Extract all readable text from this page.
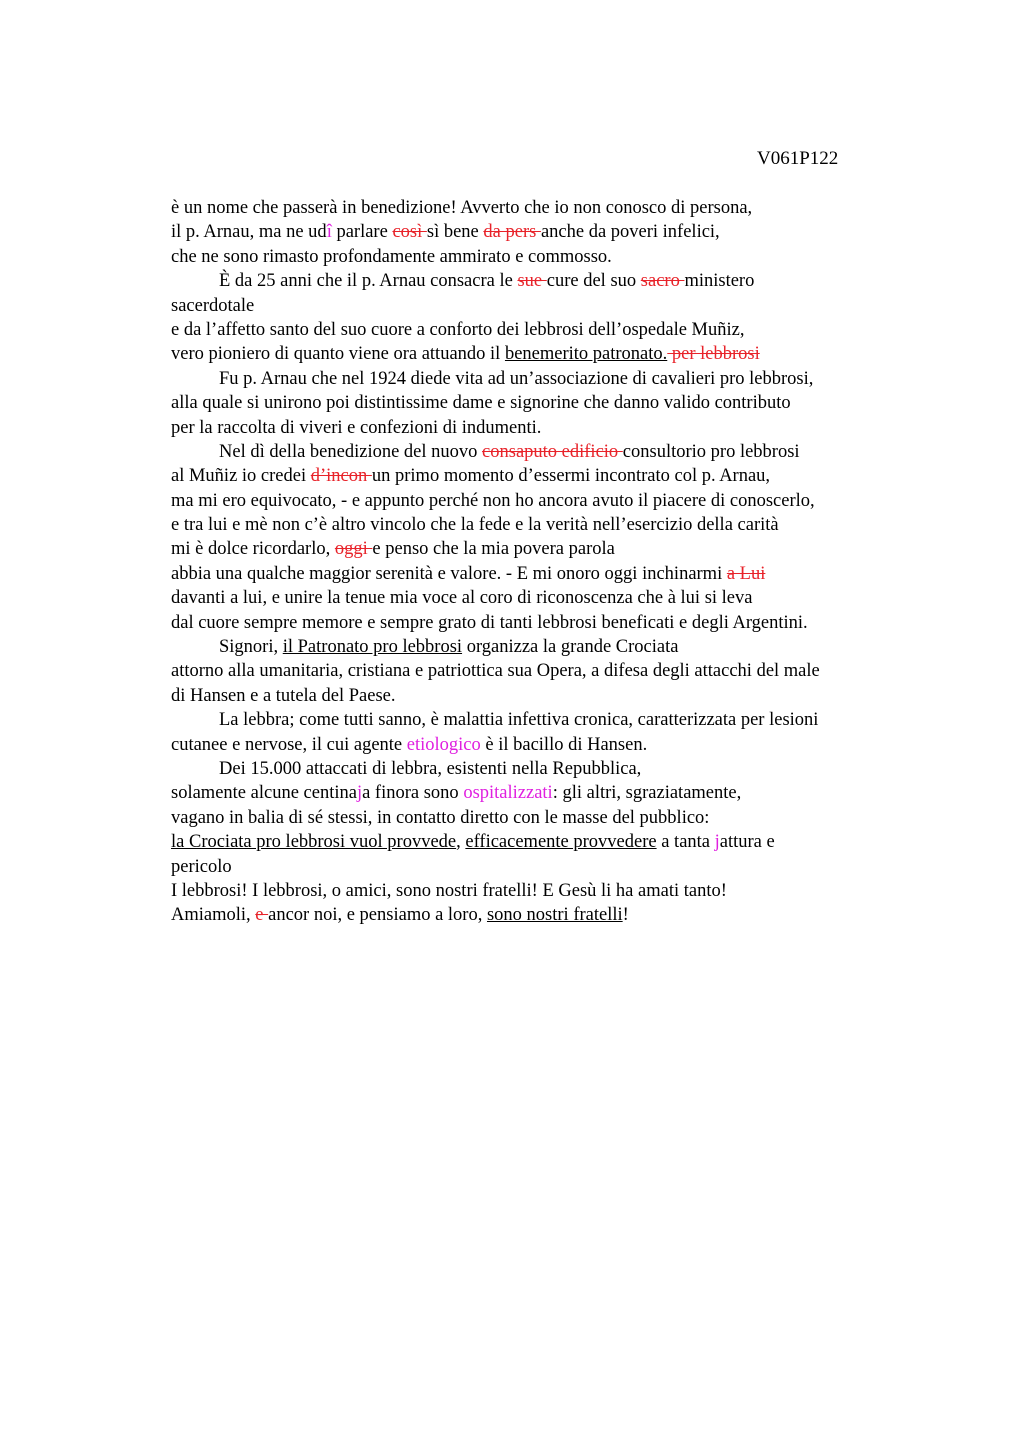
V061P122
è un nome che passerà in benedizione! Avverto che io non conosco di persona,
il p. Arnau, ma ne udî parlare così sì bene da pers anche da poveri infelici,
che ne sono rimasto profondamente ammirato e commosso.
È da 25 anni che il p. Arnau consacra le sue cure del suo sacro ministero
sacerdotale
e da l’affetto santo del suo cuore a conforto dei lebbrosi dell’ospedale Muñiz,
vero pioniero di quanto viene ora attuando il benemerito patronato. per lebbrosi
Fu p. Arnau che nel 1924 diede vita ad un’associazione di cavalieri pro lebbrosi,
alla quale si unirono poi distintissime dame e signorine che danno valido contributo
per la raccolta di viveri e confezioni di indumenti.
Nel dì della benedizione del nuovo consaputo edificio consultorio pro lebbrosi
al Muñiz io credei d’incon un primo momento d’essermi incontrato col p. Arnau,
ma mi ero equivocato, - e appunto perché non ho ancora avuto il piacere di conoscerlo,
e tra lui e mè non c’è altro vincolo che la fede e la verità nell’esercizio della carità
mi è dolce ricordarlo, oggi e penso che la mia povera parola
abbia una qualche maggior serenità e valore. - E mi onoro oggi inchinarmi a Lui
davanti a lui, e unire la tenue mia voce al coro di riconoscenza che à lui si leva
dal cuore sempre memore e sempre grato di tanti lebbrosi beneficati e degli Argentini.
Signori, il Patronato pro lebbrosi organizza la grande Crociata
attorno alla umanitaria, cristiana e patriottica sua Opera, a difesa degli attacchi del male
di Hansen e a tutela del Paese.
La lebbra; come tutti sanno, è malattia infettiva cronica, caratterizzata per lesioni
cutanee e nervose, il cui agente etiologico è il bacillo di Hansen.
Dei 15.000 attaccati di lebbra, esistenti nella Repubblica,
solamente alcune centinaja finora sono ospitalizzati: gli altri, sgraziatamente,
vagano in balia di sé stessi, in contatto diretto con le masse del pubblico:
la Crociata pro lebbrosi vuol provvede, efficacemente provvedere a tanta jattura e
pericolo
I lebbrosi! I lebbrosi, o amici, sono nostri fratelli! E Gesù li ha amati tanto!
Amiamoli, e ancor noi, e pensiamo a loro, sono nostri fratelli!
